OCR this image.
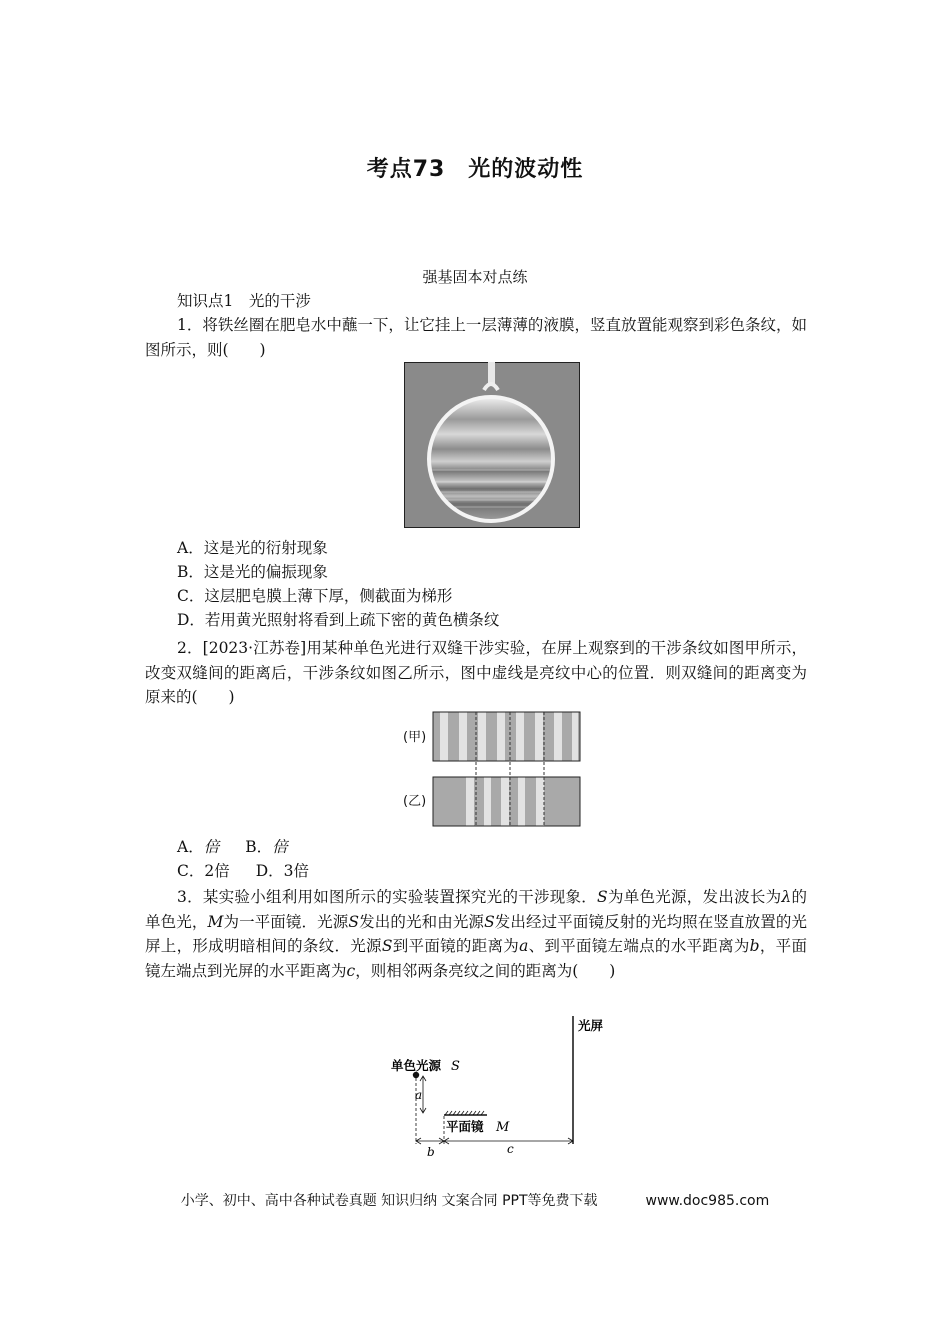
考点73　光的波动性
强基固本对点练
知识点1　光的干涉
1．将铁丝圈在肥皂水中蘸一下，让它挂上一层薄薄的液膜，竖直放置能观察到彩色条纹，如图所示，则(　　)
A．这是光的衍射现象
B．这是光的偏振现象
C．这层肥皂膜上薄下厚，侧截面为梯形
D．若用黄光照射将看到上疏下密的黄色横条纹
2．[2023·江苏卷]用某种单色光进行双缝干涉实验，在屏上观察到的干涉条纹如图甲所示，改变双缝间的距离后，干涉条纹如图乙所示，图中虚线是亮纹中心的位置．则双缝间的距离变为原来的(　　)
(甲)
(乙)
A．倍 B．倍
C．2倍 D．3倍
3．某实验小组利用如图所示的实验装置探究光的干涉现象．S为单色光源，发出波长为λ的单色光，M为一平面镜．光源S发出的光和由光源S发出经过平面镜反射的光均照在竖直放置的光屏上，形成明暗相间的条纹．光源S到平面镜的距离为a、到平面镜左端点的水平距离为b，平面镜左端点到光屏的水平距离为c，则相邻两条亮纹之间的距离为(　　)
光屏
单色光源 S
a
平面镜 M
b	c
小学、初中、高中各种试卷真题 知识归纳 文案合同 PPT等免费下载	www.doc985.com
